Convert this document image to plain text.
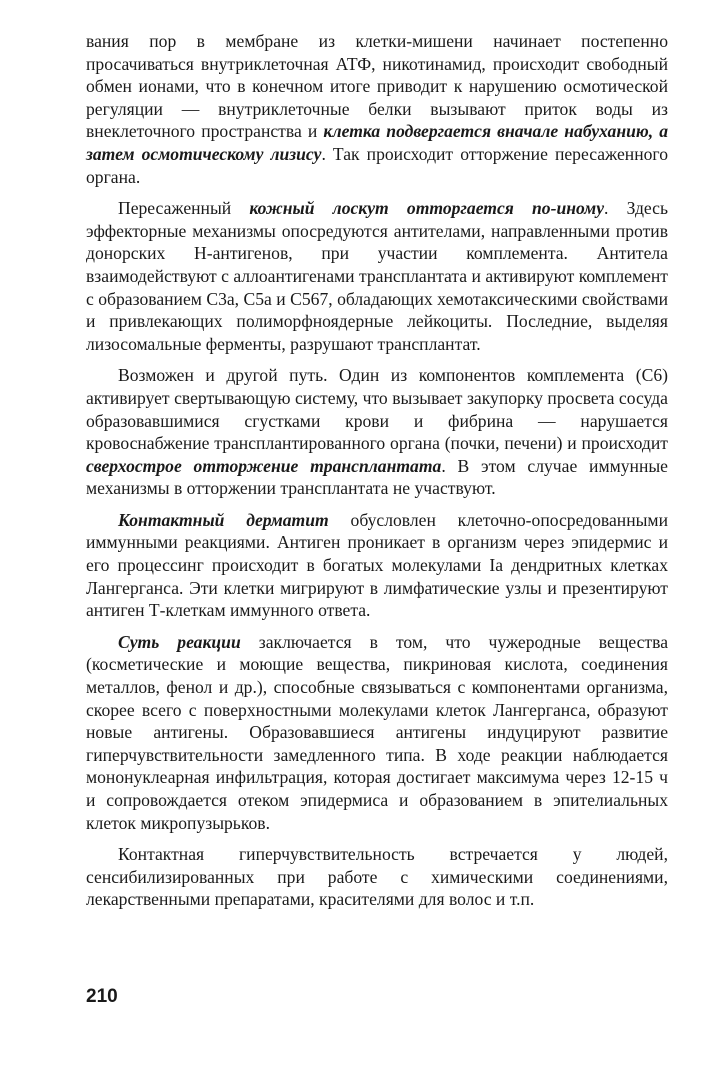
вания пор в мембране из клетки-мишени начинает постепенно просачиваться внутриклеточная АТФ, никотинамид, происходит свободный обмен ионами, что в конечном итоге приводит к нарушению осмотической регуляции — внутриклеточные белки вызывают приток воды из внеклеточного пространства и клетка подвергается вначале набуханию, а затем осмотическому лизису. Так происходит отторжение пересаженного органа.

Пересаженный кожный лоскут отторгается по-иному. Здесь эффекторные механизмы опосредуются антителами, направленными против донорских Н-антигенов, при участии комплемента. Антитела взаимодействуют с аллоантигенами трансплантата и активируют комплемент с образованием С3а, С5а и С567, обладающих хемотаксическими свойствами и привлекающих полиморфноядерные лейкоциты. Последние, выделяя лизосомальные ферменты, разрушают трансплантат.

Возможен и другой путь. Один из компонентов комплемента (С6) активирует свертывающую систему, что вызывает закупорку просвета сосуда образовавшимися сгустками крови и фибрина — нарушается кровоснабжение трансплантированного органа (почки, печени) и происходит сверхострое отторжение трансплантата. В этом случае иммунные механизмы в отторжении трансплантата не участвуют.

Контактный дерматит обусловлен клеточно-опосредованными иммунными реакциями. Антиген проникает в организм через эпидермис и его процессинг происходит в богатых молекулами Ia дендритных клетках Лангерганса. Эти клетки мигрируют в лимфатические узлы и презентируют антиген Т-клеткам иммунного ответа.

Суть реакции заключается в том, что чужеродные вещества (косметические и моющие вещества, пикриновая кислота, соединения металлов, фенол и др.), способные связываться с компонентами организма, скорее всего с поверхностными молекулами клеток Лангерганса, образуют новые антигены. Образовавшиеся антигены индуцируют развитие гиперчувствительности замедленного типа. В ходе реакции наблюдается мононуклеарная инфильтрация, которая достигает максимума через 12-15 ч и сопровождается отеком эпидермиса и образованием в эпителиальных клеток микропузырьков.

Контактная гиперчувствительность встречается у людей, сенсибилизированных при работе с химическими соединениями, лекарственными препаратами, красителями для волос и т.п.

210
